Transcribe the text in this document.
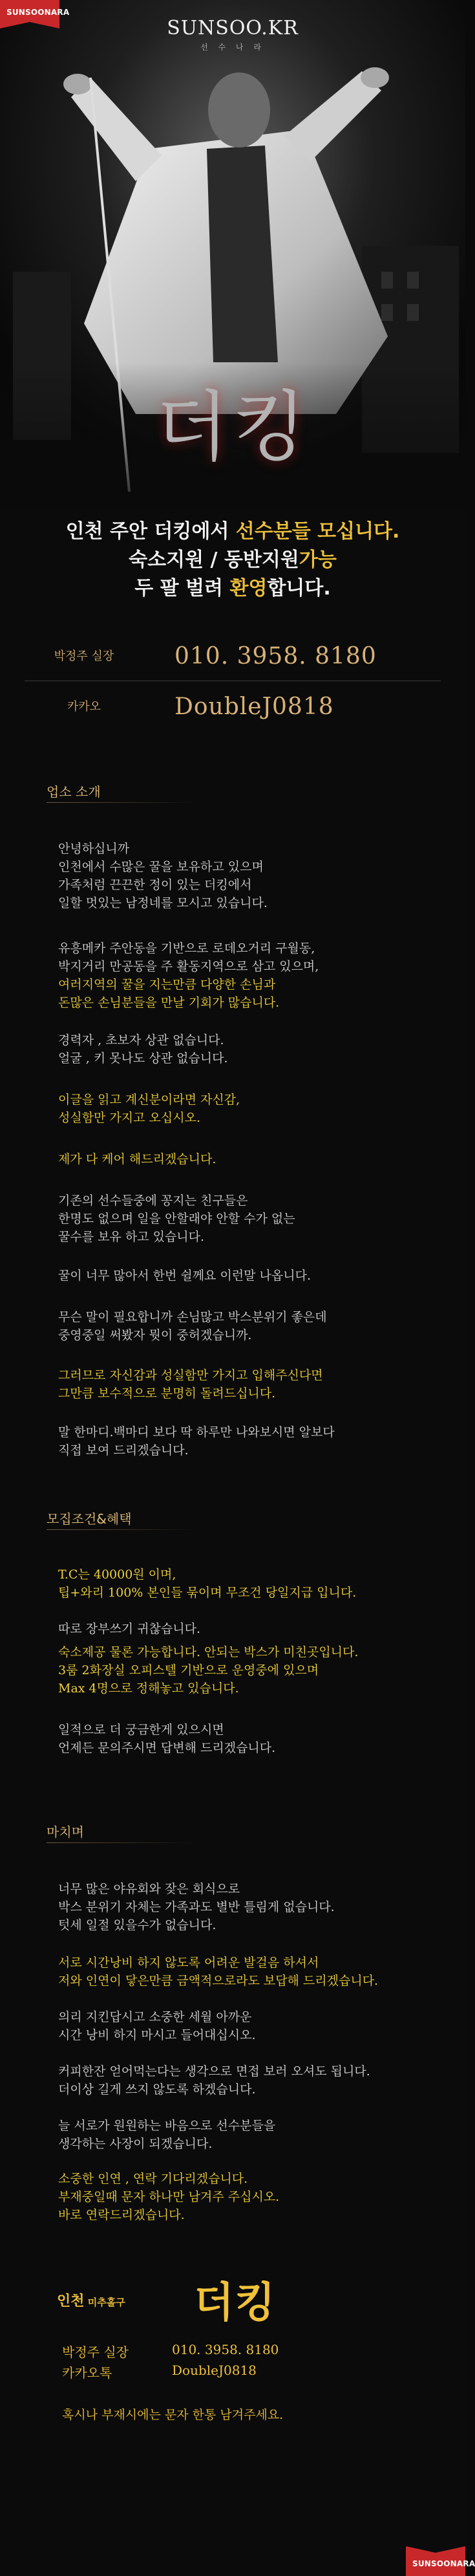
SUNSOO.KR
선 수 나 라
더킹
SUNSOONARA
인천 주안 더킹에서 선수분들 모십니다.
숙소지원 / 동반지원가능
두 팔 벌려 환영합니다.
박정주 실장	010. 3958. 8180
카카오	DoubleJ0818
업소 소개
안녕하십니까
인천에서 수많은 꿀을 보유하고 있으며
가족처럼 끈끈한 정이 있는 더킹에서
일할 멋있는 남정네를 모시고 있습니다.
유흥메카 주안동을 기반으로 로데오거리 구월동,
박지거리 만공동을 주 활동지역으로 삼고 있으며,
여러지역의 꿀을 지는만큼 다양한 손님과
돈많은 손님분들을 만날 기회가 많습니다.
경력자 , 초보자 상관 없습니다.
얼굴 , 키 못나도 상관 없습니다.
이글을 읽고 계신분이라면 자신감,
성실함만 가지고 오십시오.
제가 다 케어 해드리겠습니다.
기존의 선수들중에 꽁지는 친구들은
한명도 없으며 일을 안할래야 안할 수가 없는
꿀수를 보유 하고 있습니다.
꿀이 너무 많아서 한번 쉴께요 이런말 나옵니다.
무슨 말이 필요합니까 손님많고 박스분위기 좋은데
중영중일 써봤자 뭣이 중허겠습니까.
그러므로 자신감과 성실함만 가지고 입해주신다면
그만큼 보수적으로 분명히 돌려드십니다.
말 한마디.백마디 보다 딱 하루만 나와보시면 알보다
직접 보여 드리겠습니다.
모집조건&혜택
T.C는 40000원 이며,
팁+와리 100% 본인들 묶이며 무조건 당일지급 입니다.

따로 장부쓰기 귀찮습니다.
숙소제공 물론 가능합니다. 안되는 박스가 미친곳입니다.
3룸 2화장실 오피스텔 기반으로 운영중에 있으며
Max 4명으로 정해놓고 있습니다.
일적으로 더 궁금한게 있으시면
언제든 문의주시면 답변해 드리겠습니다.
마치며
너무 많은 야유회와 잦은 회식으로
박스 분위기 자체는 가족과도 별반 틀림게 없습니다.
텃세 일절 있을수가 없습니다.
서로 시간낭비 하지 않도록 어려운 발걸음 하셔서
저와 인연이 닿은만큼 금액적으로라도 보답해 드리겠습니다.
의리 지킨답시고 소중한 세월 아까운
시간 낭비 하지 마시고 들어대십시오.
커피한잔 얻어먹는다는 생각으로 면접 보러 오셔도 됩니다.
더이상 길게 쓰지 않도록 하겠습니다.
늘 서로가 원원하는 바음으로 선수분들을
생각하는 사장이 되겠습니다.
소중한 인연 , 연락 기다리겠습니다.
부재중일때 문자 하나만 남겨주 주십시오.
바로 연락드리겠습니다.
인천 미추홀구 더킹
박정주 실장	010. 3958. 8180
카카오톡	DoubleJ0818
혹시나 부재시에는 문자 한통 남겨주세요.
SUNSOONARA
